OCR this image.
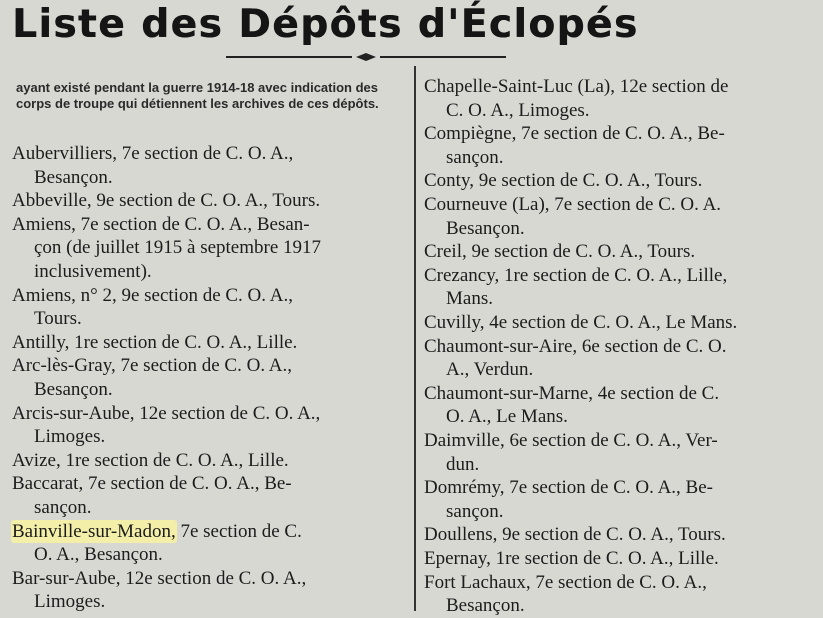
Liste des Dépôts d'Éclopés
ayant existé pendant la guerre 1914-18 avec indication des corps de troupe qui détiennent les archives de ces dépôts.
Aubervilliers, 7e section de C. O. A.,
Besançon.
Abbeville, 9e section de C. O. A., Tours.
Amiens, 7e section de C. O. A., Besan-
çon (de juillet 1915 à septembre 1917
inclusivement).
Amiens, n° 2, 9e section de C. O. A.,
Tours.
Antilly, 1re section de C. O. A., Lille.
Arc-lès-Gray, 7e section de C. O. A.,
Besançon.
Arcis-sur-Aube, 12e section de C. O. A.,
Limoges.
Avize, 1re section de C. O. A., Lille.
Baccarat, 7e section de C. O. A., Be-
sançon.
Bainville-sur-Madon, 7e section de C.
O. A., Besançon.
Bar-sur-Aube, 12e section de C. O. A.,
Limoges.
Chapelle-Saint-Luc (La), 12e section de
C. O. A., Limoges.
Compiègne, 7e section de C. O. A., Be-
sançon.
Conty, 9e section de C. O. A., Tours.
Courneuve (La), 7e section de C. O. A.
Besançon.
Creil, 9e section de C. O. A., Tours.
Crezancy, 1re section de C. O. A., Lille,
Mans.
Cuvilly, 4e section de C. O. A., Le Mans.
Chaumont-sur-Aire, 6e section de C. O.
A., Verdun.
Chaumont-sur-Marne, 4e section de C.
O. A., Le Mans.
Daimville, 6e section de C. O. A., Ver-
dun.
Domrémy, 7e section de C. O. A., Be-
sançon.
Doullens, 9e section de C. O. A., Tours.
Epernay, 1re section de C. O. A., Lille.
Fort Lachaux, 7e section de C. O. A.,
Besançon.
